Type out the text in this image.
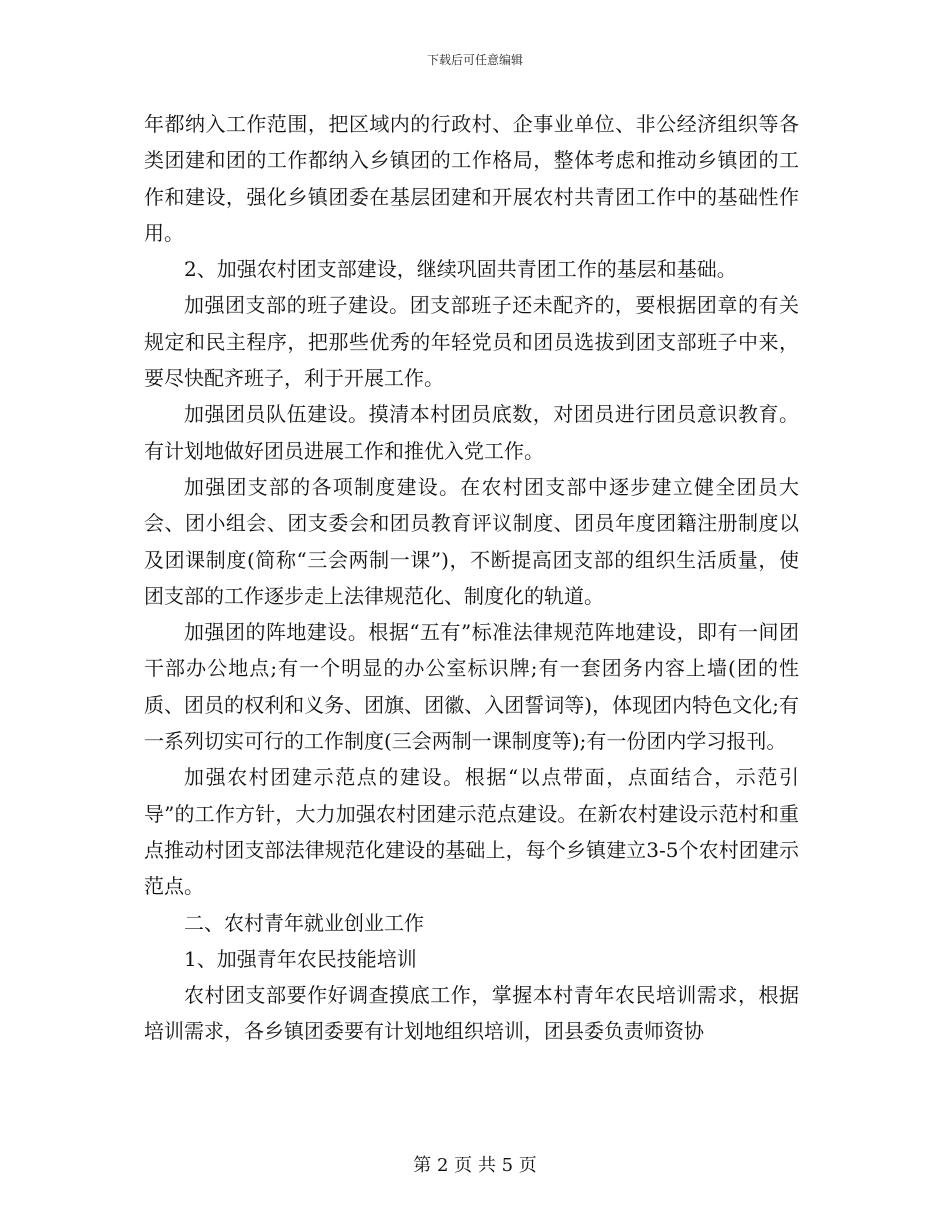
下载后可任意编辑

年都纳入工作范围，把区域内的行政村、企事业单位、非公经济组织等各类团建和团的工作都纳入乡镇团的工作格局，整体考虑和推动乡镇团的工作和建设，强化乡镇团委在基层团建和开展农村共青团工作中的基础性作用。

2、加强农村团支部建设，继续巩固共青团工作的基层和基础。

加强团支部的班子建设。团支部班子还未配齐的，要根据团章的有关规定和民主程序，把那些优秀的年轻党员和团员选拔到团支部班子中来，要尽快配齐班子，利于开展工作。

加强团员队伍建设。摸清本村团员底数，对团员进行团员意识教育。有计划地做好团员进展工作和推优入党工作。

加强团支部的各项制度建设。在农村团支部中逐步建立健全团员大会、团小组会、团支委会和团员教育评议制度、团员年度团籍注册制度以及团课制度(简称“三会两制一课”)，不断提高团支部的组织生活质量，使团支部的工作逐步走上法律规范化、制度化的轨道。

加强团的阵地建设。根据“五有”标准法律规范阵地建设，即有一间团干部办公地点;有一个明显的办公室标识牌;有一套团务内容上墙(团的性质、团员的权利和义务、团旗、团徽、入团誓词等)，体现团内特色文化;有一系列切实可行的工作制度(三会两制一课制度等);有一份团内学习报刊。

加强农村团建示范点的建设。根据“以点带面，点面结合，示范引导”的工作方针，大力加强农村团建示范点建设。在新农村建设示范村和重点推动村团支部法律规范化建设的基础上，每个乡镇建立3-5个农村团建示范点。

二、农村青年就业创业工作

1、加强青年农民技能培训

农村团支部要作好调查摸底工作，掌握本村青年农民培训需求，根据培训需求，各乡镇团委要有计划地组织培训，团县委负责师资协

第 2 页 共 5 页
